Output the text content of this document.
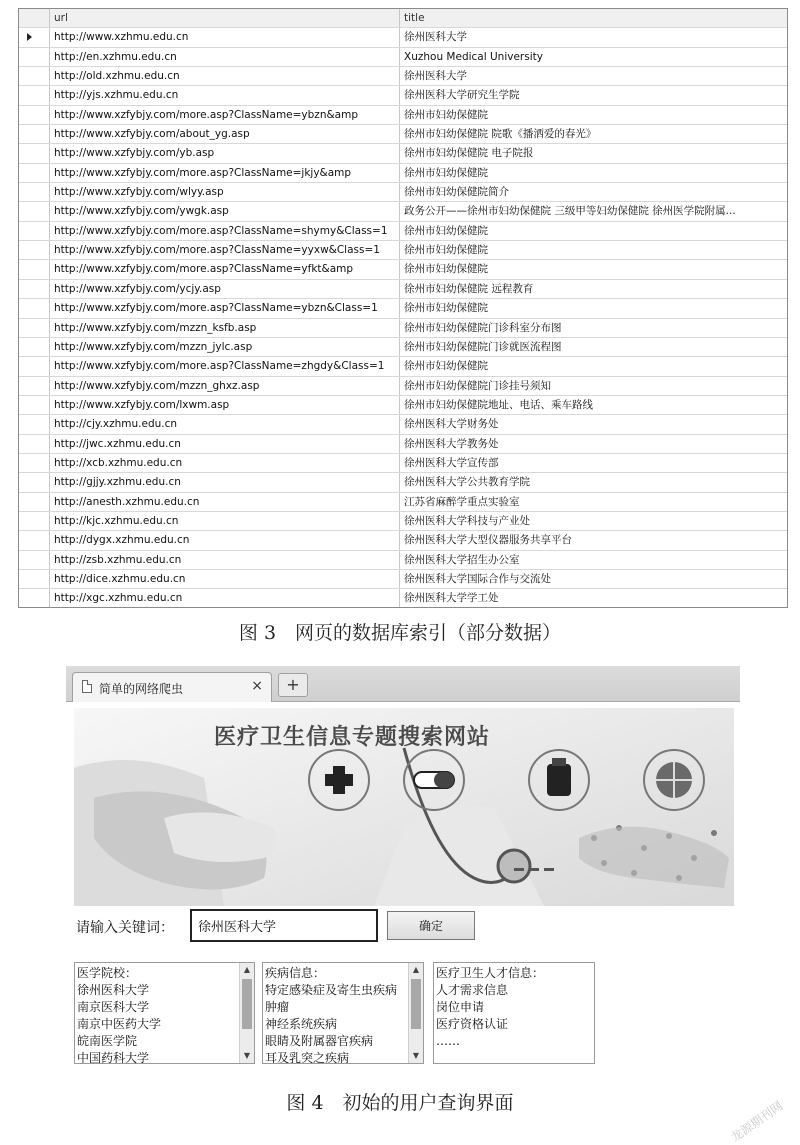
url	title
http://www.xzhmu.edu.cn	徐州医科大学
http://en.xzhmu.edu.cn	Xuzhou Medical University
http://old.xzhmu.edu.cn	徐州医科大学
http://yjs.xzhmu.edu.cn	徐州医科大学研究生学院
http://www.xzfybjy.com/more.asp?ClassName=ybzn&amp	徐州市妇幼保健院
http://www.xzfybjy.com/about_yg.asp	徐州市妇幼保健院 院歌《播洒爱的春光》
http://www.xzfybjy.com/yb.asp	徐州市妇幼保健院 电子院报
http://www.xzfybjy.com/more.asp?ClassName=jkjy&amp	徐州市妇幼保健院
http://www.xzfybjy.com/wlyy.asp	徐州市妇幼保健院简介
http://www.xzfybjy.com/ywgk.asp	政务公开——徐州市妇幼保健院 三级甲等妇幼保健院 徐州医学院附属...
http://www.xzfybjy.com/more.asp?ClassName=shymy&Class=1	徐州市妇幼保健院
http://www.xzfybjy.com/more.asp?ClassName=yyxw&Class=1	徐州市妇幼保健院
http://www.xzfybjy.com/more.asp?ClassName=yfkt&amp	徐州市妇幼保健院
http://www.xzfybjy.com/ycjy.asp	徐州市妇幼保健院 远程教育
http://www.xzfybjy.com/more.asp?ClassName=ybzn&Class=1	徐州市妇幼保健院
http://www.xzfybjy.com/mzzn_ksfb.asp	徐州市妇幼保健院门诊科室分布图
http://www.xzfybjy.com/mzzn_jylc.asp	徐州市妇幼保健院门诊就医流程图
http://www.xzfybjy.com/more.asp?ClassName=zhgdy&Class=1	徐州市妇幼保健院
http://www.xzfybjy.com/mzzn_ghxz.asp	徐州市妇幼保健院门诊挂号须知
http://www.xzfybjy.com/lxwm.asp	徐州市妇幼保健院地址、电话、乘车路线
http://cjy.xzhmu.edu.cn	徐州医科大学财务处
http://jwc.xzhmu.edu.cn	徐州医科大学教务处
http://xcb.xzhmu.edu.cn	徐州医科大学宣传部
http://gjjy.xzhmu.edu.cn	徐州医科大学公共教育学院
http://anesth.xzhmu.edu.cn	江苏省麻醉学重点实验室
http://kjc.xzhmu.edu.cn	徐州医科大学科技与产业处
http://dygx.xzhmu.edu.cn	徐州医科大学大型仪器服务共享平台
http://zsb.xzhmu.edu.cn	徐州医科大学招生办公室
http://dice.xzhmu.edu.cn	徐州医科大学国际合作与交流处
http://xgc.xzhmu.edu.cn	徐州医科大学学工处
图 3　网页的数据库索引（部分数据）
简单的网络爬虫	×	+
医疗卫生信息专题搜索网站
请输入关键词：
徐州医科大学	确定
医学院校：
徐州医科大学
南京医科大学
南京中医药大学
皖南医学院
中国药科大学
▲
▼
疾病信息：
特定感染症及寄生虫疾病
肿瘤
神经系统疾病
眼睛及附属器官疾病
耳及乳突之疾病
▲
▼
医疗卫生人才信息：
人才需求信息
岗位申请
医疗资格认证
……
图 4　初始的用户查询界面	龙源期刊网
